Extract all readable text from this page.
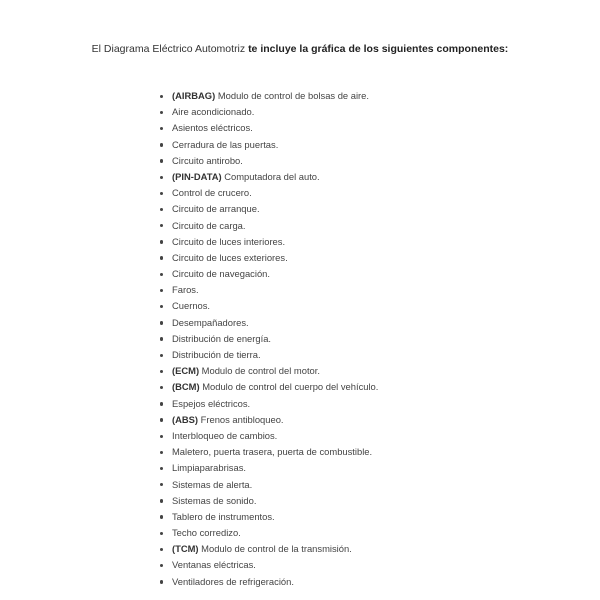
El Diagrama Eléctrico Automotriz te incluye la gráfica de los siguientes componentes:
(AIRBAG) Modulo de control de bolsas de aire.
Aire acondicionado.
Asientos eléctricos.
Cerradura de las puertas.
Circuito antirobo.
(PIN-DATA) Computadora del auto.
Control de crucero.
Circuito de arranque.
Circuito de carga.
Circuito de luces interiores.
Circuito de luces exteriores.
Circuito de navegación.
Faros.
Cuernos.
Desempañadores.
Distribución de energía.
Distribución de tierra.
(ECM) Modulo de control del motor.
(BCM) Modulo de control del cuerpo del vehículo.
Espejos eléctricos.
(ABS) Frenos antibloqueo.
Interbloqueo de cambios.
Maletero, puerta trasera, puerta de combustible.
Limpiaparabrisas.
Sistemas de alerta.
Sistemas de sonido.
Tablero de instrumentos.
Techo corredizo.
(TCM) Modulo de control de la transmisión.
Ventanas eléctricas.
Ventiladores de refrigeración.
